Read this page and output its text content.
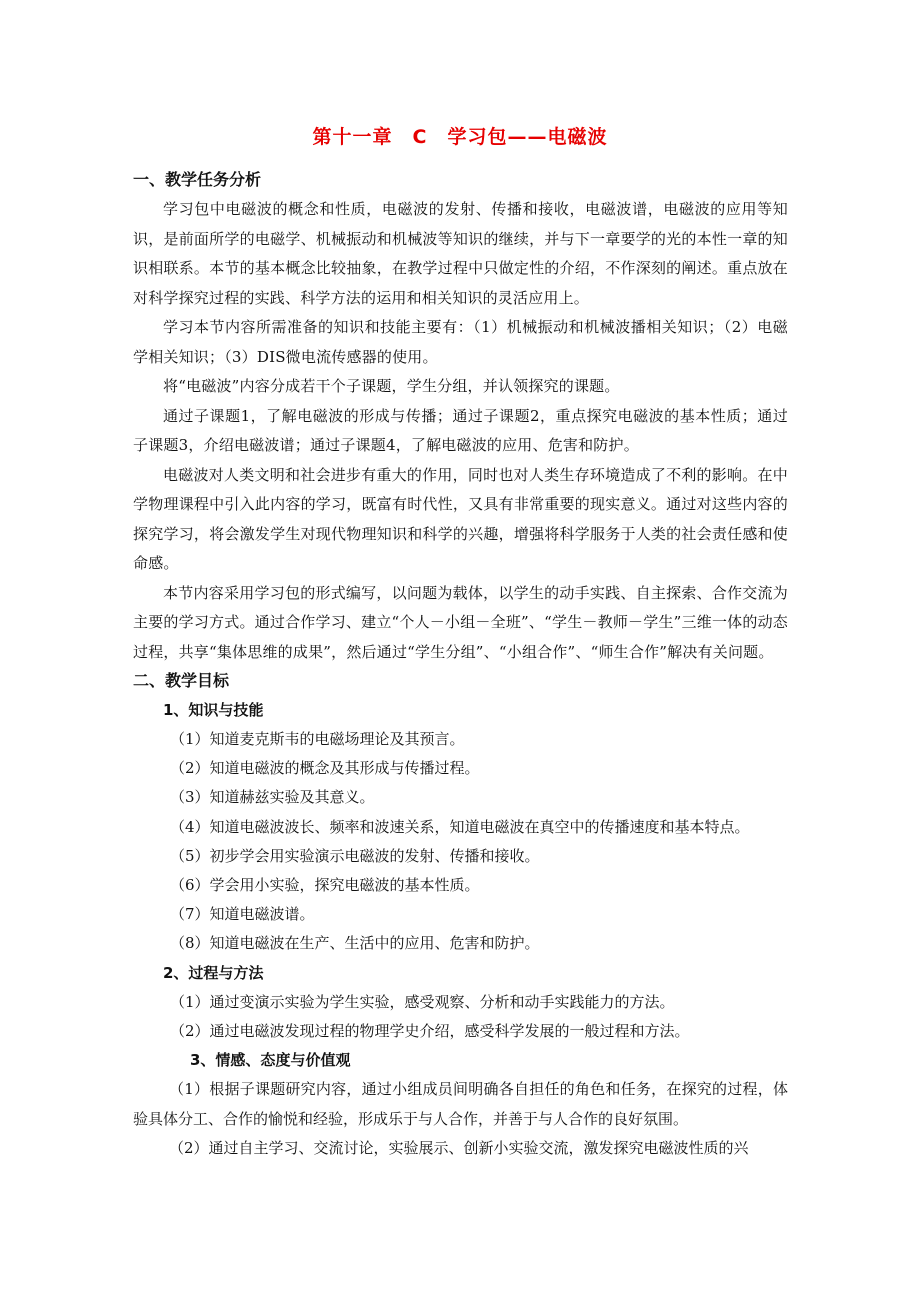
第十一章　C　学习包——电磁波
一、教学任务分析
学习包中电磁波的概念和性质，电磁波的发射、传播和接收，电磁波谱，电磁波的应用等知识，是前面所学的电磁学、机械振动和机械波等知识的继续，并与下一章要学的光的本性一章的知识相联系。本节的基本概念比较抽象，在教学过程中只做定性的介绍，不作深刻的阐述。重点放在对科学探究过程的实践、科学方法的运用和相关知识的灵活应用上。
学习本节内容所需准备的知识和技能主要有：（1）机械振动和机械波播相关知识；（2）电磁学相关知识；（3）DIS微电流传感器的使用。
将“电磁波”内容分成若干个子课题，学生分组，并认领探究的课题。
通过子课题1，了解电磁波的形成与传播；通过子课题2，重点探究电磁波的基本性质；通过子课题3，介绍电磁波谱；通过子课题4，了解电磁波的应用、危害和防护。
电磁波对人类文明和社会进步有重大的作用，同时也对人类生存环境造成了不利的影响。在中学物理课程中引入此内容的学习，既富有时代性，又具有非常重要的现实意义。通过对这些内容的探究学习，将会激发学生对现代物理知识和科学的兴趣，增强将科学服务于人类的社会责任感和使命感。
本节内容采用学习包的形式编写，以问题为载体，以学生的动手实践、自主探索、合作交流为主要的学习方式。通过合作学习、建立“个人－小组－全班”、“学生－教师－学生”三维一体的动态过程，共享“集体思维的成果”，然后通过“学生分组”、“小组合作”、“师生合作”解决有关问题。
二、教学目标
1、知识与技能
（1）知道麦克斯韦的电磁场理论及其预言。
（2）知道电磁波的概念及其形成与传播过程。
（3）知道赫兹实验及其意义。
（4）知道电磁波波长、频率和波速关系，知道电磁波在真空中的传播速度和基本特点。
（5）初步学会用实验演示电磁波的发射、传播和接收。
（6）学会用小实验，探究电磁波的基本性质。
（7）知道电磁波谱。
（8）知道电磁波在生产、生活中的应用、危害和防护。
2、过程与方法
（1）通过变演示实验为学生实验，感受观察、分析和动手实践能力的方法。
（2）通过电磁波发现过程的物理学史介绍，感受科学发展的一般过程和方法。
3、情感、态度与价值观
（1）根据子课题研究内容，通过小组成员间明确各自担任的角色和任务，在探究的过程，体验具体分工、合作的愉悦和经验，形成乐于与人合作，并善于与人合作的良好氛围。
（2）通过自主学习、交流讨论，实验展示、创新小实验交流，激发探究电磁波性质的兴
